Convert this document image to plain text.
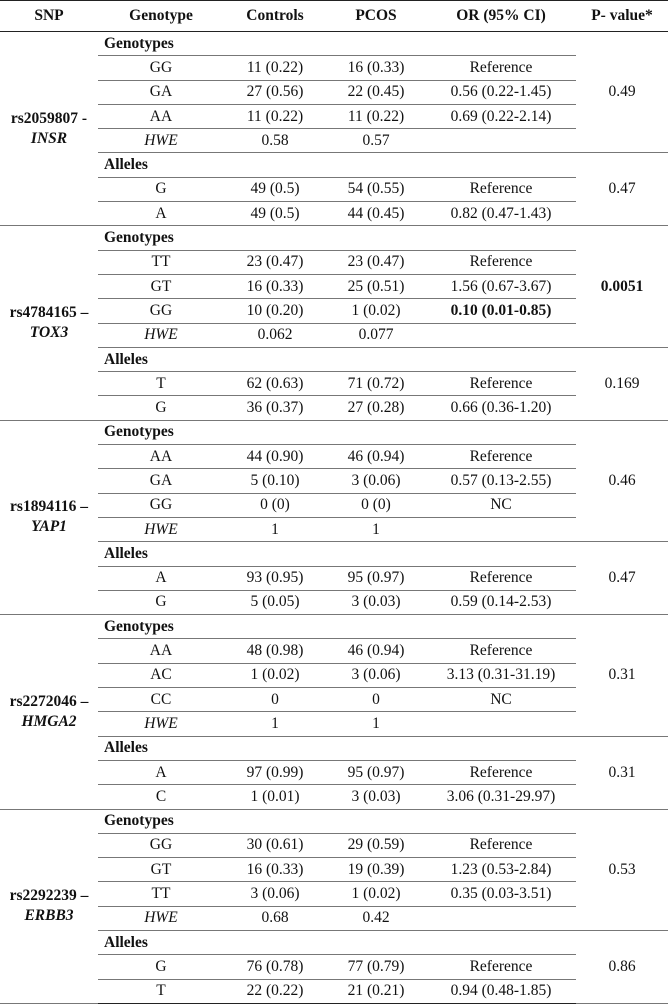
SNP	Genotype	Controls	PCOS	OR (95% CI)	P- value*
rs2059807 -
INSR	Genotypes				0.49
	GG	11 (0.22)	16 (0.33)	Reference	
	GA	27 (0.56)	22 (0.45)	0.56 (0.22-1.45)	
	AA	11 (0.22)	11 (0.22)	0.69 (0.22-2.14)	
	HWE	0.58	0.57		
	Alleles				0.47
	G	49 (0.5)	54 (0.55)	Reference	
	A	49 (0.5)	44 (0.45)	0.82 (0.47-1.43)	
rs4784165 –
TOX3	Genotypes				0.0051
	TT	23 (0.47)	23 (0.47)	Reference	
	GT	16 (0.33)	25 (0.51)	1.56 (0.67-3.67)	
	GG	10 (0.20)	1 (0.02)	0.10 (0.01-0.85)	
	HWE	0.062	0.077		
	Alleles				0.169
	T	62 (0.63)	71 (0.72)	Reference	
	G	36 (0.37)	27 (0.28)	0.66 (0.36-1.20)	
rs1894116 –
YAP1	Genotypes				0.46
	AA	44 (0.90)	46 (0.94)	Reference	
	GA	5 (0.10)	3 (0.06)	0.57 (0.13-2.55)	
	GG	0 (0)	0 (0)	NC	
	HWE	1	1		
	Alleles				0.47
	A	93 (0.95)	95 (0.97)	Reference	
	G	5 (0.05)	3 (0.03)	0.59 (0.14-2.53)	
rs2272046 –
HMGA2	Genotypes				0.31
	AA	48 (0.98)	46 (0.94)	Reference	
	AC	1 (0.02)	3 (0.06)	3.13 (0.31-31.19)	
	CC	0	0	NC	
	HWE	1	1		
	Alleles				0.31
	A	97 (0.99)	95 (0.97)	Reference	
	C	1 (0.01)	3 (0.03)	3.06 (0.31-29.97)	
rs2292239 –
ERBB3	Genotypes				0.53
	GG	30 (0.61)	29 (0.59)	Reference	
	GT	16 (0.33)	19 (0.39)	1.23 (0.53-2.84)	
	TT	3 (0.06)	1 (0.02)	0.35 (0.03-3.51)	
	HWE	0.68	0.42		
	Alleles				0.86
	G	76 (0.78)	77 (0.79)	Reference	
	T	22 (0.22)	21 (0.21)	0.94 (0.48-1.85)	
